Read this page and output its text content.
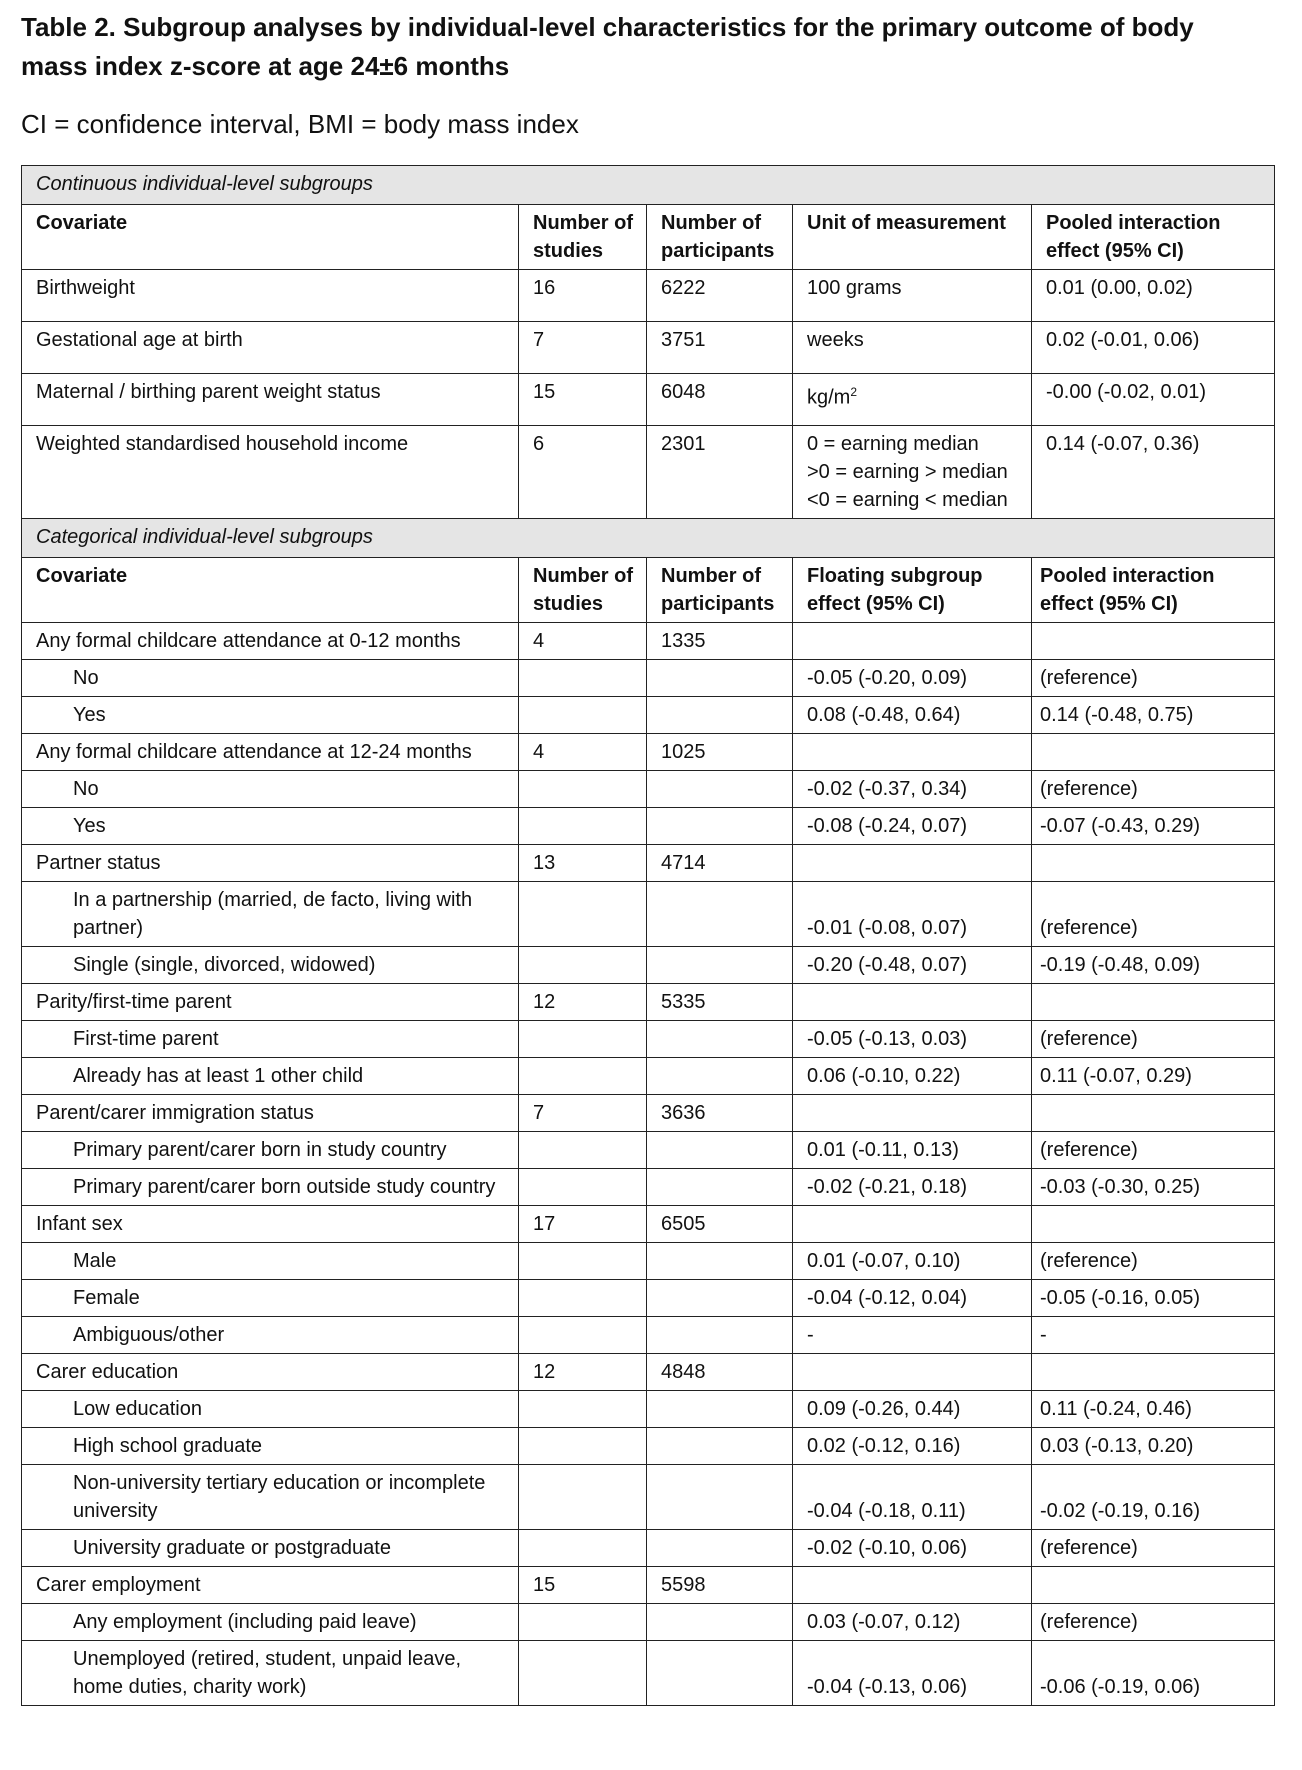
Table 2. Subgroup analyses by individual-level characteristics for the primary outcome of body mass index z-score at age 24±6 months

CI = confidence interval, BMI = body mass index

Continuous individual-level subgroups				
Covariate	Number of studies	Number of participants	Unit of measurement	Pooled interaction effect (95% CI)
Birthweight	16	6222	100 grams	0.01 (0.00, 0.02)
Gestational age at birth	7	3751	weeks	0.02 (-0.01, 0.06)
Maternal / birthing parent weight status	15	6048	$kg/m^2$	-0.00 (-0.02, 0.01)
Weighted standardised household income	6	2301	0 = earning median
>0 = earning > median
<0 = earning < median	0.14 (-0.07, 0.36)
Categorical individual-level subgroups				
Covariate	Number of studies	Number of participants	Floating subgroup effect (95% CI)	Pooled interaction effect (95% CI)
Any formal childcare attendance at 0-12 months	4	1335		
No			-0.05 (-0.20, 0.09)	(reference)
Yes			0.08 (-0.48, 0.64)	0.14 (-0.48, 0.75)
Any formal childcare attendance at 12-24 months	4	1025		
No			-0.02 (-0.37, 0.34)	(reference)
Yes			-0.08 (-0.24, 0.07)	-0.07 (-0.43, 0.29)
Partner status	13	4714		
In a partnership (married, de facto, living with partner)			-0.01 (-0.08, 0.07)	(reference)
Single (single, divorced, widowed)			-0.20 (-0.48, 0.07)	-0.19 (-0.48, 0.09)
Parity/first-time parent	12	5335		
First-time parent			-0.05 (-0.13, 0.03)	(reference)
Already has at least 1 other child			0.06 (-0.10, 0.22)	0.11 (-0.07, 0.29)
Parent/carer immigration status	7	3636		
Primary parent/carer born in study country			0.01 (-0.11, 0.13)	(reference)
Primary parent/carer born outside study country			-0.02 (-0.21, 0.18)	-0.03 (-0.30, 0.25)
Infant sex	17	6505		
Male			0.01 (-0.07, 0.10)	(reference)
Female			-0.04 (-0.12, 0.04)	-0.05 (-0.16, 0.05)
Ambiguous/other			-	-
Carer education	12	4848		
Low education			0.09 (-0.26, 0.44)	0.11 (-0.24, 0.46)
High school graduate			0.02 (-0.12, 0.16)	0.03 (-0.13, 0.20)
Non-university tertiary education or incomplete university			-0.04 (-0.18, 0.11)	-0.02 (-0.19, 0.16)
University graduate or postgraduate			-0.02 (-0.10, 0.06)	(reference)
Carer employment	15	5598		
Any employment (including paid leave)			0.03 (-0.07, 0.12)	(reference)
Unemployed (retired, student, unpaid leave, home duties, charity work)			-0.04 (-0.13, 0.06)	-0.06 (-0.19, 0.06)
